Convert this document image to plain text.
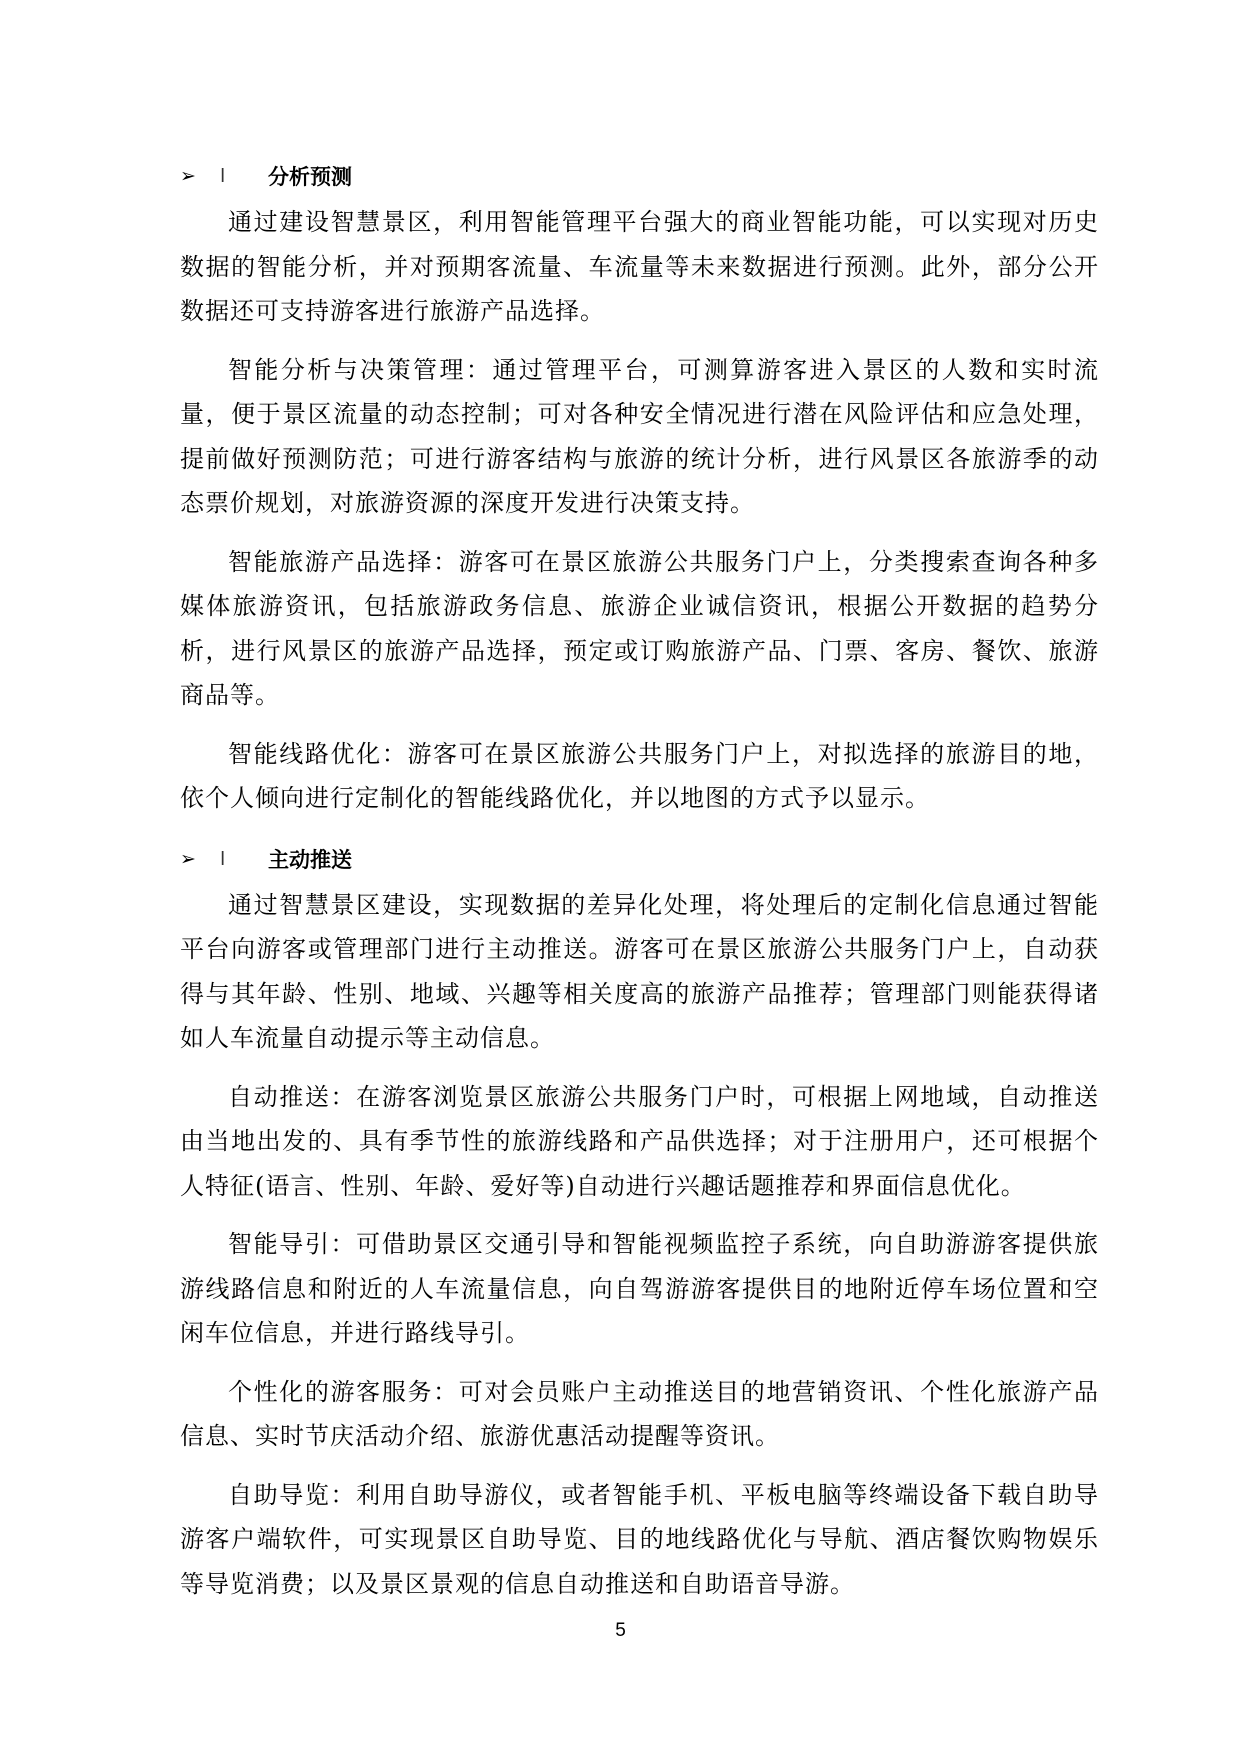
➢	l	分析预测

通过建设智慧景区，利用智能管理平台强大的商业智能功能，可以实现对历史数据的智能分析，并对预期客流量、车流量等未来数据进行预测。此外，部分公开数据还可支持游客进行旅游产品选择。

智能分析与决策管理：通过管理平台，可测算游客进入景区的人数和实时流量，便于景区流量的动态控制；可对各种安全情况进行潜在风险评估和应急处理，提前做好预测防范；可进行游客结构与旅游的统计分析，进行风景区各旅游季的动态票价规划，对旅游资源的深度开发进行决策支持。

智能旅游产品选择：游客可在景区旅游公共服务门户上，分类搜索查询各种多媒体旅游资讯，包括旅游政务信息、旅游企业诚信资讯，根据公开数据的趋势分析，进行风景区的旅游产品选择，预定或订购旅游产品、门票、客房、餐饮、旅游商品等。

智能线路优化：游客可在景区旅游公共服务门户上，对拟选择的旅游目的地，依个人倾向进行定制化的智能线路优化，并以地图的方式予以显示。

➢	l	主动推送

通过智慧景区建设，实现数据的差异化处理，将处理后的定制化信息通过智能平台向游客或管理部门进行主动推送。游客可在景区旅游公共服务门户上，自动获得与其年龄、性别、地域、兴趣等相关度高的旅游产品推荐；管理部门则能获得诸如人车流量自动提示等主动信息。

自动推送：在游客浏览景区旅游公共服务门户时，可根据上网地域，自动推送由当地出发的、具有季节性的旅游线路和产品供选择；对于注册用户，还可根据个人特征(语言、性别、年龄、爱好等)自动进行兴趣话题推荐和界面信息优化。

智能导引：可借助景区交通引导和智能视频监控子系统，向自助游游客提供旅游线路信息和附近的人车流量信息，向自驾游游客提供目的地附近停车场位置和空闲车位信息，并进行路线导引。

个性化的游客服务：可对会员账户主动推送目的地营销资讯、个性化旅游产品信息、实时节庆活动介绍、旅游优惠活动提醒等资讯。

自助导览：利用自助导游仪，或者智能手机、平板电脑等终端设备下载自助导游客户端软件，可实现景区自助导览、目的地线路优化与导航、酒店餐饮购物娱乐等导览消费；以及景区景观的信息自动推送和自助语音导游。

5
